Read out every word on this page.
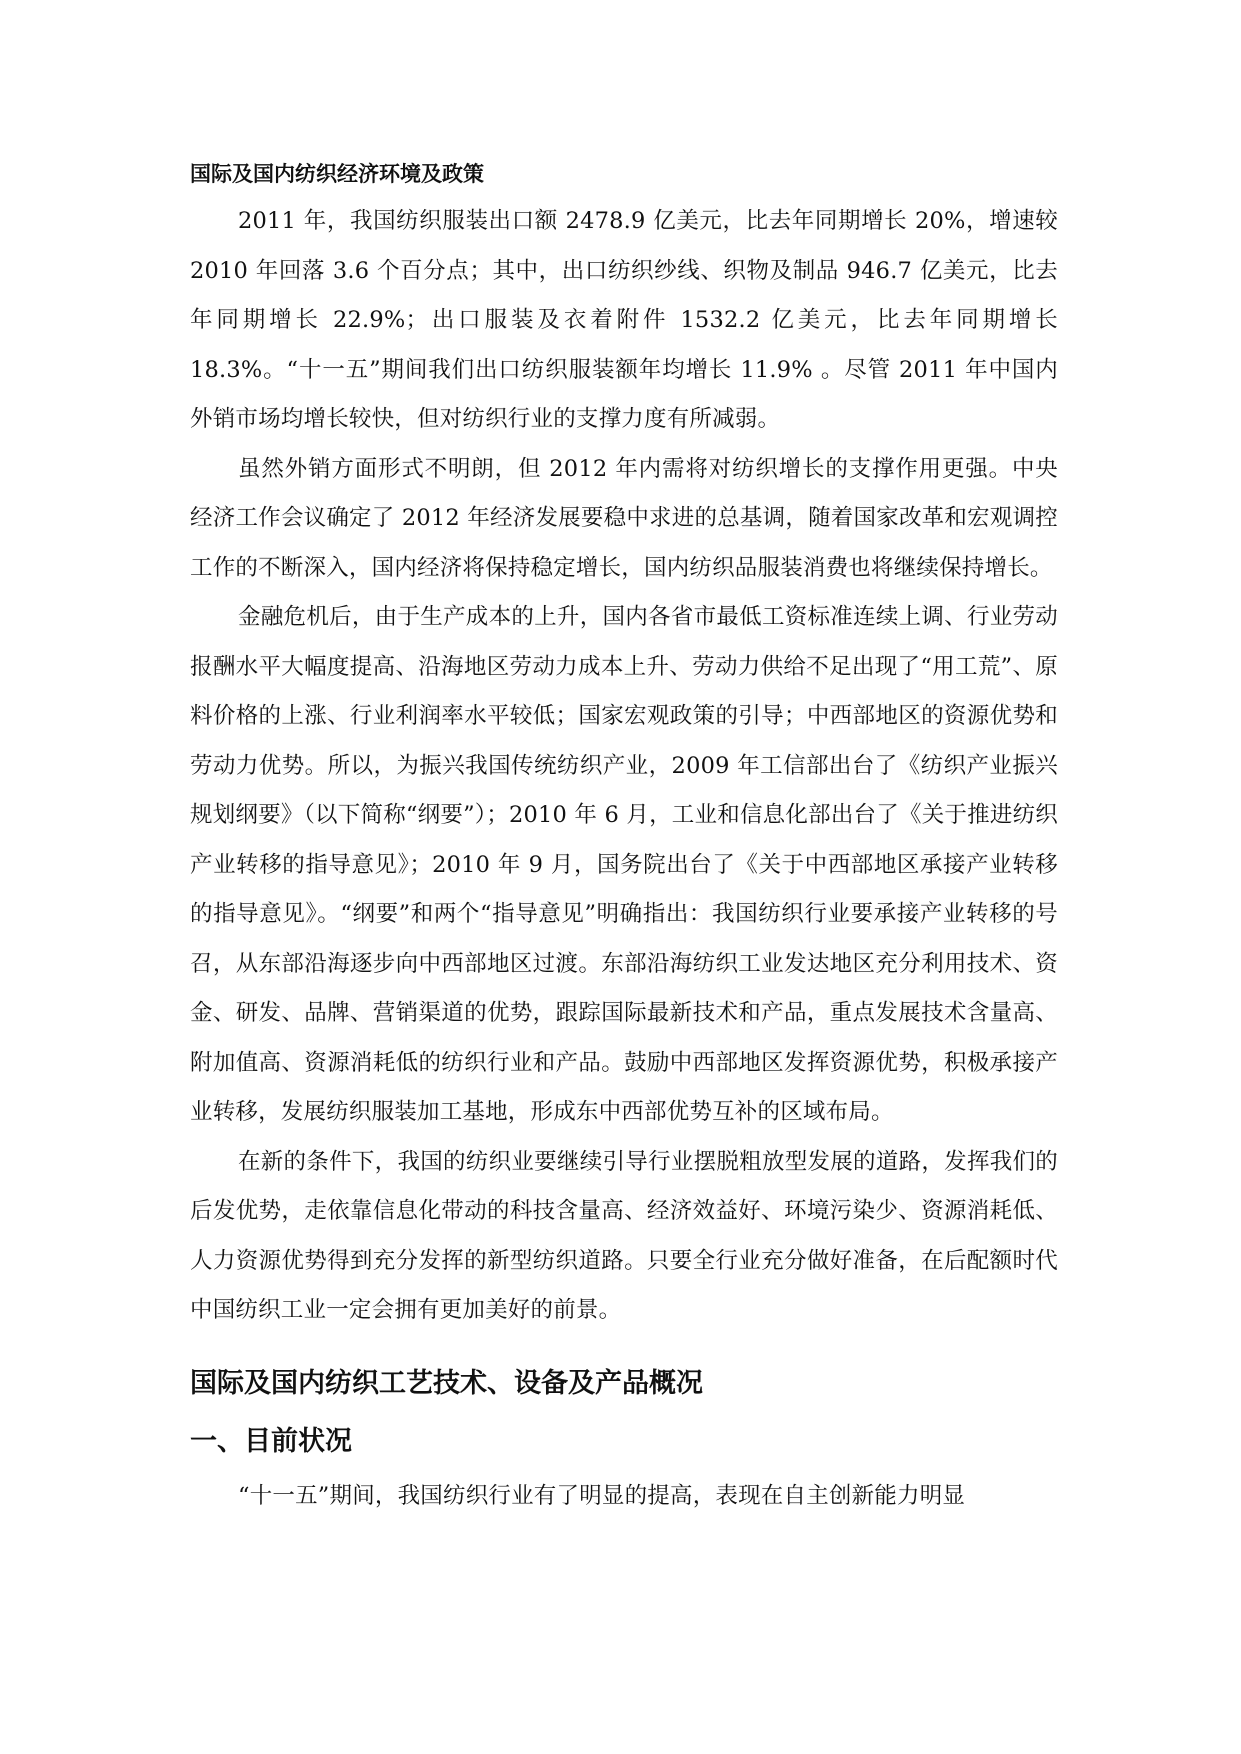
国际及国内纺织经济环境及政策

2011 年，我国纺织服装出口额 2478.9 亿美元，比去年同期增长 20%，增速较 2010 年回落 3.6 个百分点；其中，出口纺织纱线、织物及制品 946.7 亿美元，比去年同期增长 22.9%；出口服装及衣着附件 1532.2 亿美元，比去年同期增长 18.3%。“十一五”期间我们出口纺织服装额年均增长 11.9% 。尽管 2011 年中国内外销市场均增长较快，但对纺织行业的支撑力度有所减弱。

虽然外销方面形式不明朗，但 2012 年内需将对纺织增长的支撑作用更强。中央经济工作会议确定了 2012 年经济发展要稳中求进的总基调，随着国家改革和宏观调控工作的不断深入，国内经济将保持稳定增长，国内纺织品服装消费也将继续保持增长。

金融危机后，由于生产成本的上升，国内各省市最低工资标准连续上调、行业劳动报酬水平大幅度提高、沿海地区劳动力成本上升、劳动力供给不足出现了“用工荒”、原料价格的上涨、行业利润率水平较低；国家宏观政策的引导；中西部地区的资源优势和劳动力优势。所以，为振兴我国传统纺织产业，2009 年工信部出台了《纺织产业振兴规划纲要》（以下简称“纲要”）；2010 年 6 月，工业和信息化部出台了《关于推进纺织产业转移的指导意见》；2010 年 9 月，国务院出台了《关于中西部地区承接产业转移的指导意见》。“纲要”和两个“指导意见”明确指出：我国纺织行业要承接产业转移的号召，从东部沿海逐步向中西部地区过渡。东部沿海纺织工业发达地区充分利用技术、资金、研发、品牌、营销渠道的优势，跟踪国际最新技术和产品，重点发展技术含量高、附加值高、资源消耗低的纺织行业和产品。鼓励中西部地区发挥资源优势，积极承接产业转移，发展纺织服装加工基地，形成东中西部优势互补的区域布局。

在新的条件下，我国的纺织业要继续引导行业摆脱粗放型发展的道路，发挥我们的后发优势，走依靠信息化带动的科技含量高、经济效益好、环境污染少、资源消耗低、人力资源优势得到充分发挥的新型纺织道路。只要全行业充分做好准备，在后配额时代中国纺织工业一定会拥有更加美好的前景。

国际及国内纺织工艺技术、设备及产品概况
一、目前状况

“十一五”期间，我国纺织行业有了明显的提高，表现在自主创新能力明显
